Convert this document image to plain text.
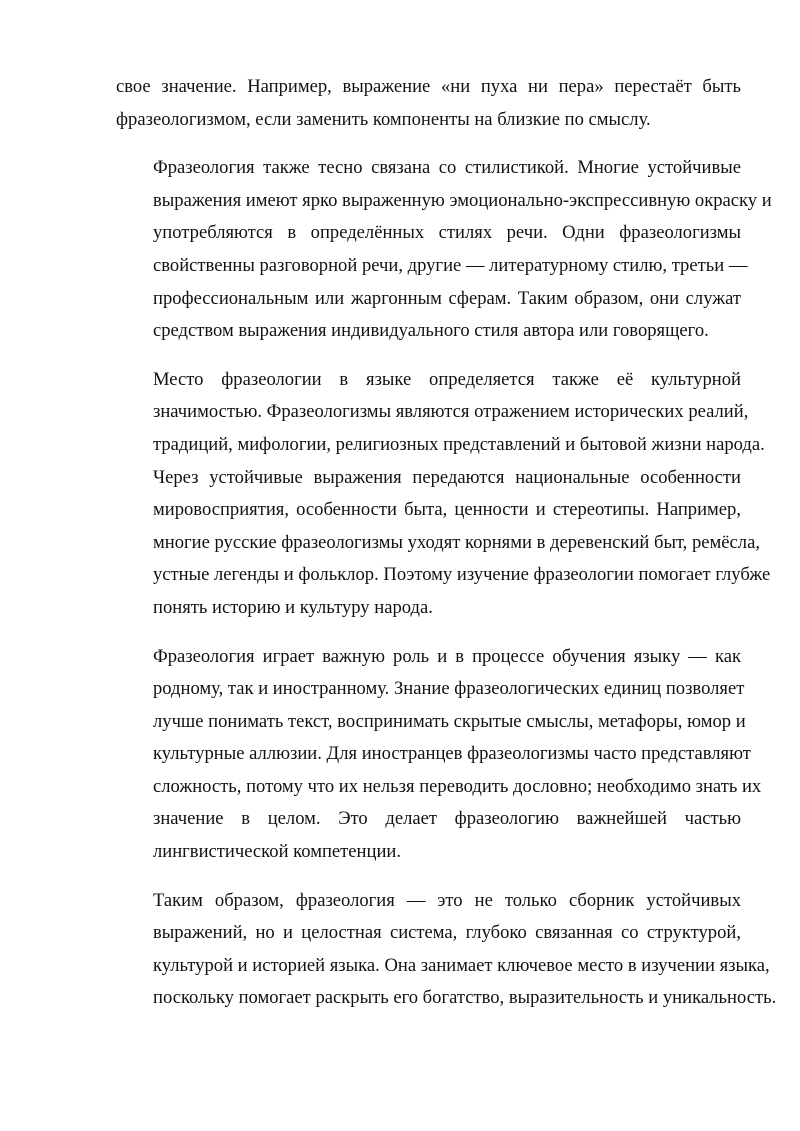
свое значение. Например, выражение «ни пуха ни пера» перестаёт быть
фразеологизмом, если заменить компоненты на близкие по смыслу.
Фразеология также тесно связана со стилистикой. Многие устойчивые
выражения имеют ярко выраженную эмоционально-экспрессивную окраску и
употребляются в определённых стилях речи. Одни фразеологизмы
свойственны разговорной речи, другие — литературному стилю, третьи —
профессиональным или жаргонным сферам. Таким образом, они служат
средством выражения индивидуального стиля автора или говорящего.
Место фразеологии в языке определяется также её культурной
значимостью. Фразеологизмы являются отражением исторических реалий,
традиций, мифологии, религиозных представлений и бытовой жизни народа.
Через устойчивые выражения передаются национальные особенности
мировосприятия, особенности быта, ценности и стереотипы. Например,
многие русские фразеологизмы уходят корнями в деревенский быт, ремёсла,
устные легенды и фольклор. Поэтому изучение фразеологии помогает глубже
понять историю и культуру народа.
Фразеология играет важную роль и в процессе обучения языку — как
родному, так и иностранному. Знание фразеологических единиц позволяет
лучше понимать текст, воспринимать скрытые смыслы, метафоры, юмор и
культурные аллюзии. Для иностранцев фразеологизмы часто представляют
сложность, потому что их нельзя переводить дословно; необходимо знать их
значение в целом. Это делает фразеологию важнейшей частью
лингвистической компетенции.
Таким образом, фразеология — это не только сборник устойчивых
выражений, но и целостная система, глубоко связанная со структурой,
культурой и историей языка. Она занимает ключевое место в изучении языка,
поскольку помогает раскрыть его богатство, выразительность и уникальность.
